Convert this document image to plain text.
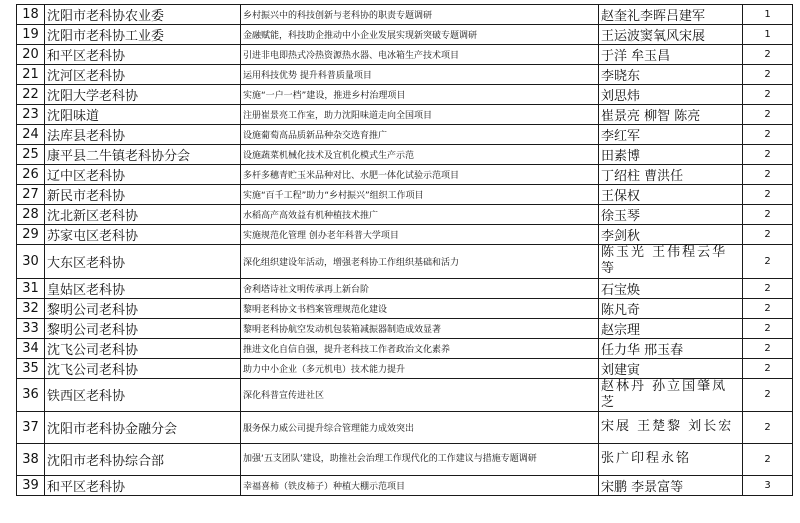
18	沈阳市老科协农业委	乡村振兴中的科技创新与老科协的职责专题调研	赵奎礼李晖吕建军	1
19	沈阳市老科协工业委	金融赋能，科技助企推动中小企业发展实现新突破专题调研	王运波窦氧风宋展	1
20	和平区老科协	引进非电即热式冷热资源热水器、电冰箱生产技术项目	于洋 牟玉昌	2
21	沈河区老科协	运用科技优势 提升科普质量项目	李晓东	2
22	沈阳大学老科协	实施“一户一档”建设，推进乡村治理项目	刘思炜	2
23	沈阳味道	注册崔景亮工作室，助力沈阳味道走向全国项目	崔景亮 柳智 陈亮	2
24	法库县老科协	设施葡萄高品质新品种杂交选育推广	李红军	2
25	康平县二牛镇老科协分会	设施蔬菜机械化技术及宜机化模式生产示范	田素博	2
26	辽中区老科协	多杆多穗青贮玉米品种对比、水肥一体化试验示范项目	丁绍柱 曹洪任	2
27	新民市老科协	实施“百千工程”助力“乡村振兴”组织工作项目	王保权	2
28	沈北新区老科协	水稻高产高效益有机种植技术推广	徐玉琴	2
29	苏家屯区老科协	实施规范化管理 创办老年科普大学项目	李剑秋	2
30	大东区老科协	深化组织建设年活动，增强老科协工作组织基础和活力	陈玉光 王伟程云华等	2
31	皇姑区老科协	舍利塔诗社文明传承再上新台阶	石宝焕	2
32	黎明公司老科协	黎明老科协文书档案管理规范化建设	陈凡奇	2
33	黎明公司老科协	黎明老科协航空发动机包装箱减振器制造成效显著	赵宗理	2
34	沈飞公司老科协	推进文化自信自强，提升老科技工作者政治文化素养	任力华 邢玉春	2
35	沈飞公司老科协	助力中小企业（多元机电）技术能力提升	刘建寅	2
36	铁西区老科协	深化科普宣传进社区	赵林丹 孙立国肇凤芝	2
37	沈阳市老科协金融分会	服务保力威公司提升综合管理能力成效突出	宋展 王楚黎 刘长宏	2
38	沈阳市老科协综合部	加强‘五支团队’建设，助推社会治理工作现代化的工作建议与措施专题调研	张广印程永铭	2
39	和平区老科协	幸福喜柿（铁皮柿子）种植大棚示范项目	宋鹏 李景富等	3
